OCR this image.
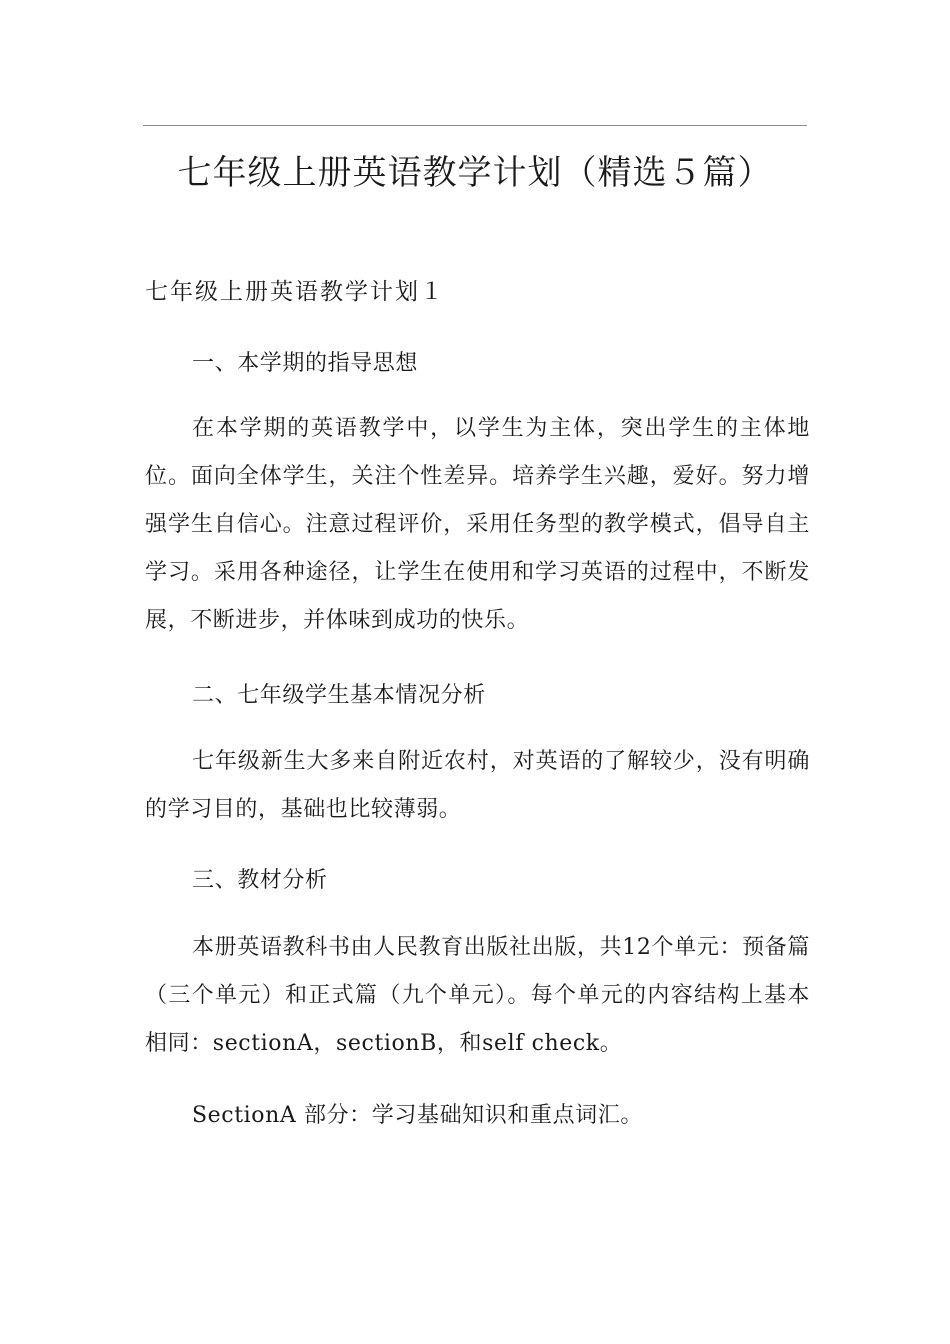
七年级上册英语教学计划（精选５篇）
七年级上册英语教学计划１

一、本学期的指导思想

在本学期的英语教学中，以学生为主体，突出学生的主体地位。面向全体学生，关注个性差异。培养学生兴趣，爱好。努力增强学生自信心。注意过程评价，采用任务型的教学模式，倡导自主学习。采用各种途径，让学生在使用和学习英语的过程中，不断发展，不断进步，并体味到成功的快乐。

二、七年级学生基本情况分析

七年级新生大多来自附近农村，对英语的了解较少，没有明确的学习目的，基础也比较薄弱。

三、教材分析

本册英语教科书由人民教育出版社出版，共12个单元：预备篇（三个单元）和正式篇（九个单元）。每个单元的内容结构上基本相同：sectionA，sectionB，和self check。

SectionA 部分：学习基础知识和重点词汇。
